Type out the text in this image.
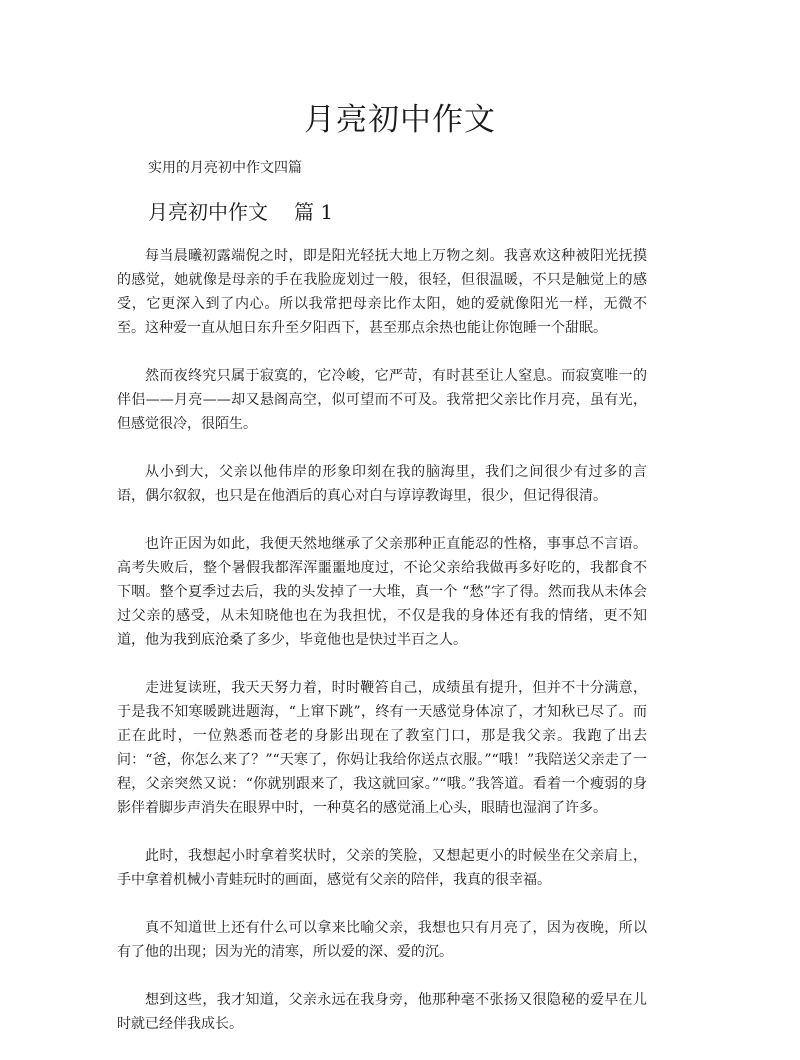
月亮初中作文

实用的月亮初中作文四篇

月亮初中作文 篇 1

每当晨曦初露端倪之时，即是阳光轻抚大地上万物之刻。我喜欢这种被阳光抚摸的感觉，她就像是母亲的手在我脸庞划过一般，很轻，但很温暖，不只是触觉上的感受，它更深入到了内心。所以我常把母亲比作太阳，她的爱就像阳光一样，无微不至。这种爱一直从旭日东升至夕阳西下，甚至那点余热也能让你饱睡一个甜眠。

然而夜终究只属于寂寞的，它冷峻，它严苛，有时甚至让人窒息。而寂寞唯一的伴侣——月亮——却又悬阁高空，似可望而不可及。我常把父亲比作月亮，虽有光，但感觉很冷，很陌生。

从小到大，父亲以他伟岸的形象印刻在我的脑海里，我们之间很少有过多的言语，偶尔叙叙，也只是在他酒后的真心对白与谆谆教诲里，很少，但记得很清。

也许正因为如此，我便天然地继承了父亲那种正直能忍的性格，事事总不言语。高考失败后，整个暑假我都浑浑噩噩地度过，不论父亲给我做再多好吃的，我都食不下咽。整个夏季过去后，我的头发掉了一大堆，真一个 “愁”字了得。然而我从未体会过父亲的感受，从未知晓他也在为我担忧，不仅是我的身体还有我的情绪，更不知道，他为我到底沧桑了多少，毕竟他也是快过半百之人。

走进复读班，我天天努力着，时时鞭笞自己，成绩虽有提升，但并不十分满意，于是我不知寒暖跳进题海，“上窜下跳”，终有一天感觉身体凉了，才知秋已尽了。而正在此时，一位熟悉而苍老的身影出现在了教室门口，那是我父亲。我跑了出去问：“爸，你怎么来了？”“天寒了，你妈让我给你送点衣服。”“哦！”我陪送父亲走了一程，父亲突然又说：“你就别跟来了，我这就回家。”“哦。”我答道。看着一个瘦弱的身影伴着脚步声消失在眼界中时，一种莫名的感觉涌上心头，眼睛也湿润了许多。

此时，我想起小时拿着奖状时，父亲的笑脸，又想起更小的时候坐在父亲肩上，手中拿着机械小青蛙玩时的画面，感觉有父亲的陪伴，我真的很幸福。

真不知道世上还有什么可以拿来比喻父亲，我想也只有月亮了，因为夜晚，所以有了他的出现；因为光的清寒，所以爱的深、爱的沉。

想到这些，我才知道，父亲永远在我身旁，他那种毫不张扬又很隐秘的爱早在儿时就已经伴我成长。
